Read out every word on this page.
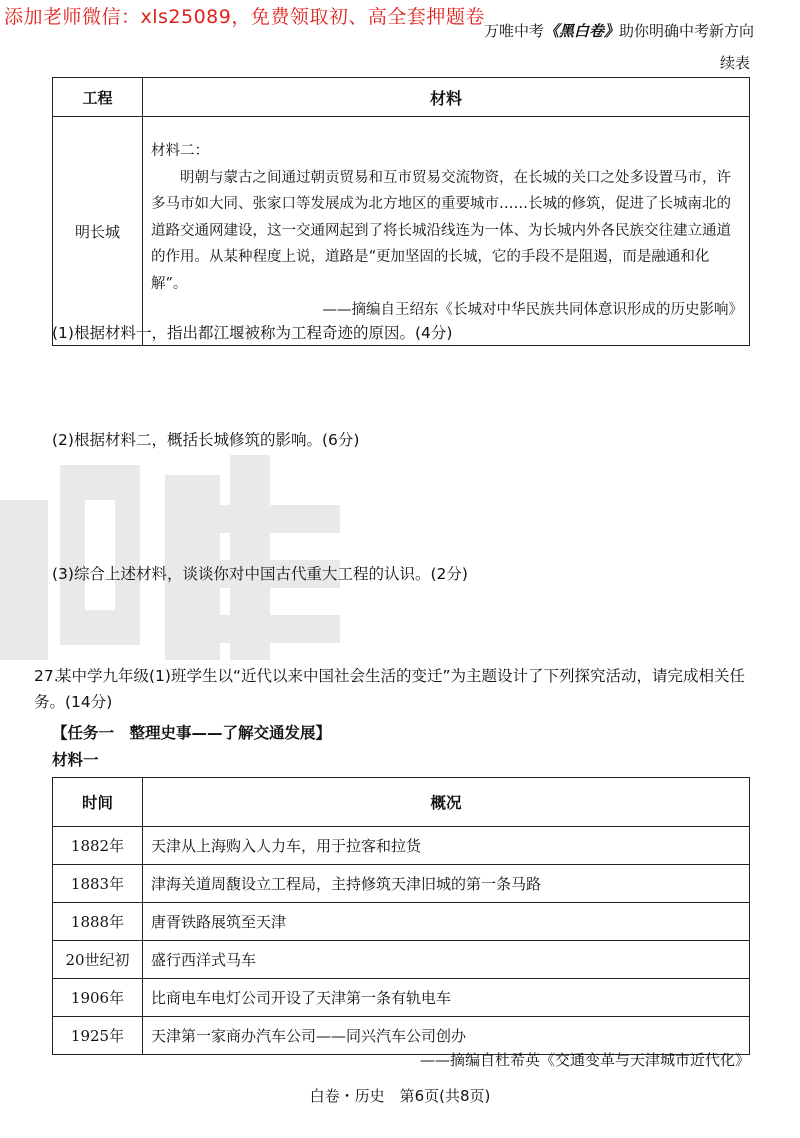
添加老师微信：xls25089，免费领取初、高全套押题卷
万唯中考《黑白卷》助你明确中考新方向
续表
工程	材料
明长城	材料二：

明朝与蒙古之间通过朝贡贸易和互市贸易交流物资，在长城的关口之处多设置马市，许多马市如大同、张家口等发展成为北方地区的重要城市……长城的修筑，促进了长城南北的道路交通网建设，这一交通网起到了将长城沿线连为一体、为长城内外各民族交往建立通道的作用。从某种程度上说，道路是“更加坚固的长城，它的手段不是阻遏，而是融通和化解”。

——摘编自王绍东《长城对中华民族共同体意识形成的历史影响》

(1)根据材料一，指出都江堰被称为工程奇迹的原因。(4分)
(2)根据材料二，概括长城修筑的影响。(6分)
(3)综合上述材料，谈谈你对中国古代重大工程的认识。(2分)
27.某中学九年级(1)班学生以“近代以来中国社会生活的变迁”为主题设计了下列探究活动，请完成相关任务。(14分)
【任务一　整理史事——了解交通发展】
材料一
时间	概况
1882年	天津从上海购入人力车，用于拉客和拉货
1883年	津海关道周馥设立工程局，主持修筑天津旧城的第一条马路
1888年	唐胥铁路展筑至天津
20世纪初	盛行西洋式马车
1906年	比商电车电灯公司开设了天津第一条有轨电车
1925年	天津第一家商办汽车公司——同兴汽车公司创办
——摘编自杜希英《交通变革与天津城市近代化》
白卷・历史　第6页(共8页)
